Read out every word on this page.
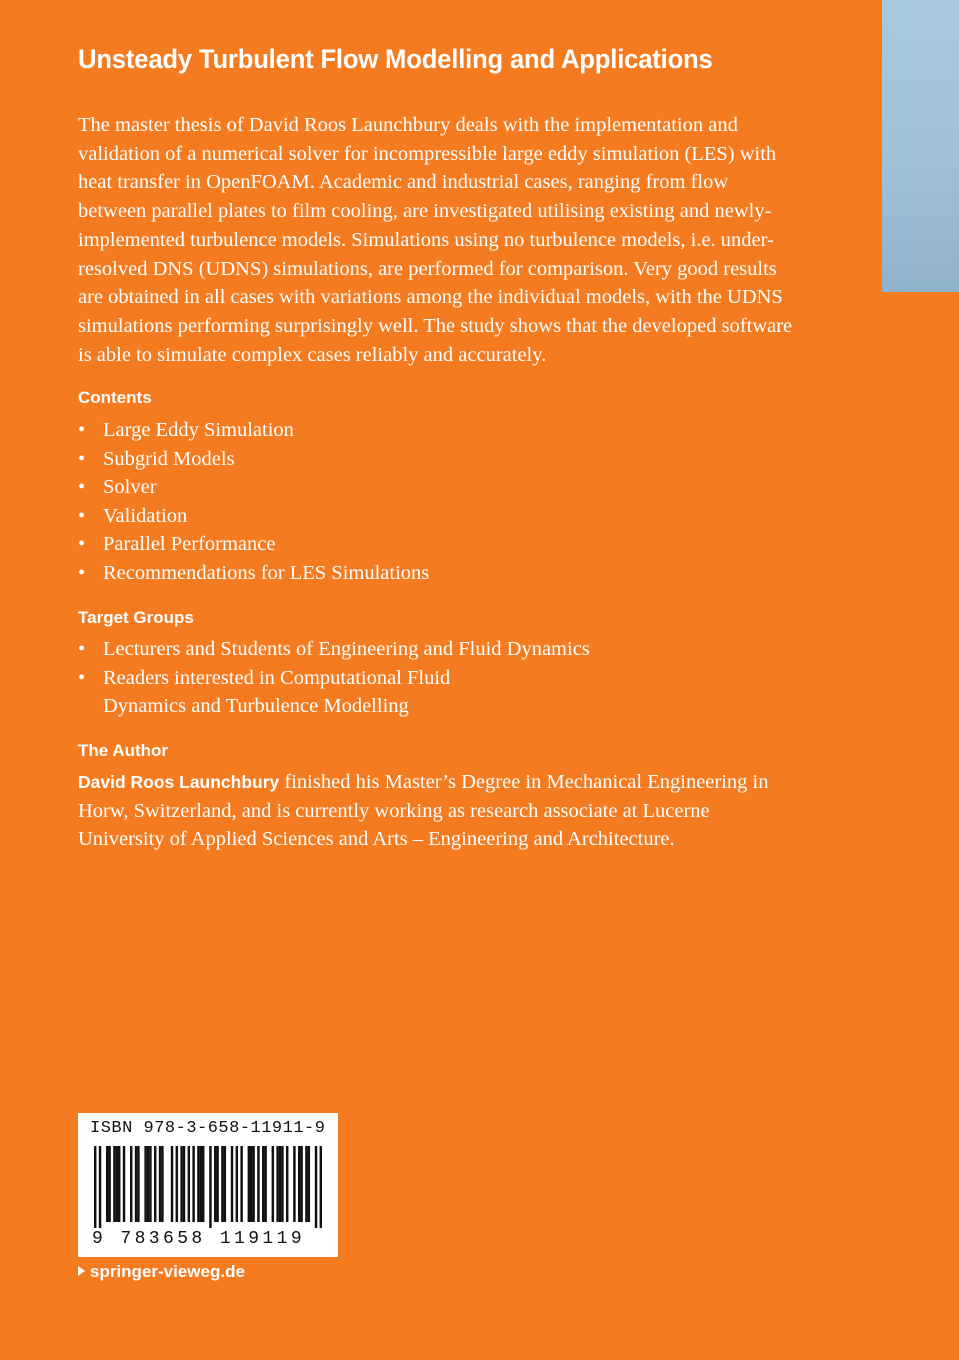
Unsteady Turbulent Flow Modelling and Applications

The master thesis of David Roos Launchbury deals with the implementation and validation of a numerical solver for incompressible large eddy simulation (LES) with heat transfer in OpenFOAM. Academic and industrial cases, ranging from flow between parallel plates to film cooling, are investigated utilising existing and newly-implemented turbulence models. Simulations using no turbulence models, i.e. under-resolved DNS (UDNS) simulations, are performed for comparison. Very good results are obtained in all cases with variations among the individual models, with the UDNS simulations performing surprisingly well. The study shows that the developed software is able to simulate complex cases reliably and accurately.

Contents
• Large Eddy Simulation
• Subgrid Models
• Solver
• Validation
• Parallel Performance
• Recommendations for LES Simulations
Target Groups
• Lecturers and Students of Engineering and Fluid Dynamics
• Readers interested in Computational Fluid
Dynamics and Turbulence Modelling
The Author

David Roos Launchbury finished his Master’s Degree in Mechanical Engineering in Horw, Switzerland, and is currently working as research associate at Lucerne University of Applied Sciences and Arts – Engineering and Architecture.

ISBN 978-3-658-11911-9
9 783658 119119
springer-vieweg.de
